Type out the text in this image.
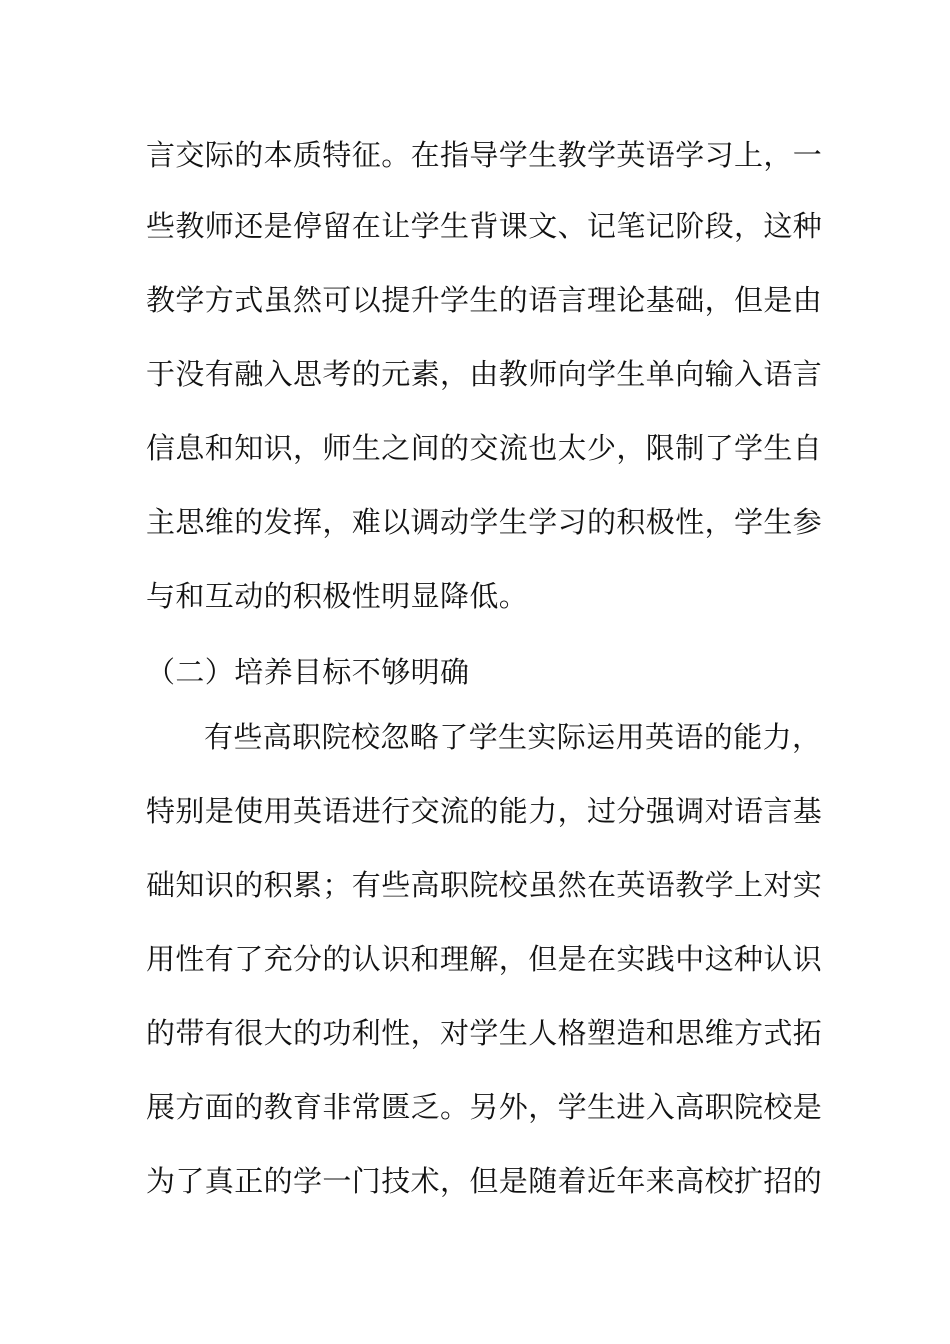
言交际的本质特征。在指导学生教学英语学习上，一
些教师还是停留在让学生背课文、记笔记阶段，这种
教学方式虽然可以提升学生的语言理论基础，但是由
于没有融入思考的元素，由教师向学生单向输入语言
信息和知识，师生之间的交流也太少，限制了学生自
主思维的发挥，难以调动学生学习的积极性，学生参
与和互动的积极性明显降低。
（二）培养目标不够明确
有些高职院校忽略了学生实际运用英语的能力，
特别是使用英语进行交流的能力，过分强调对语言基
础知识的积累；有些高职院校虽然在英语教学上对实
用性有了充分的认识和理解，但是在实践中这种认识
的带有很大的功利性，对学生人格塑造和思维方式拓
展方面的教育非常匮乏。另外，学生进入高职院校是
为了真正的学一门技术，但是随着近年来高校扩招的
